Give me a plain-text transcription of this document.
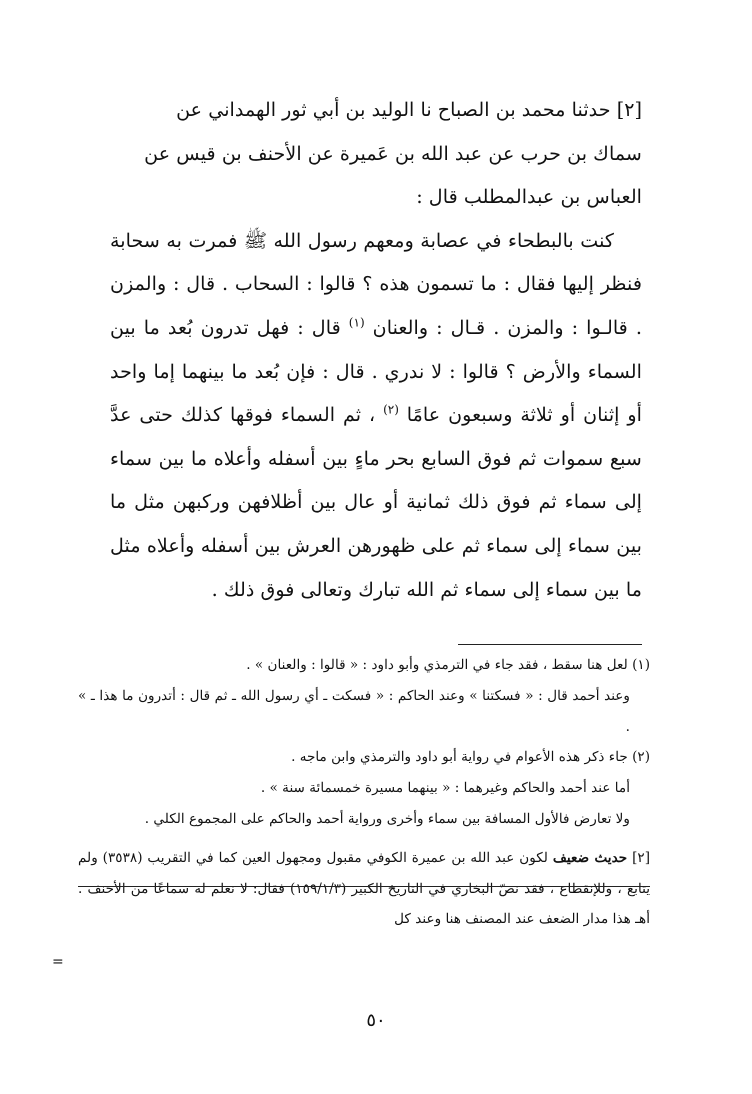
[٢] حدثنا محمد بن الصباح نا الوليد بن أبي ثور الهمداني عن

سماك بن حرب عن عبد الله بن عَميرة عن الأحنف بن قيس عن

العباس بن عبدالمطلب قال :

كنت بالبطحاء في عصابة ومعهم رسول الله ﷺ فمرت به سحابة فنظر إليها فقال : ما تسمون هذه ؟ قالوا : السحاب . قال : والمزن . قالـوا : والمزن . قـال : والعنان $^{(١)}$ قال : فهل تدرون بُعد ما بين السماء والأرض ؟ قالوا : لا ندري . قال : فإن بُعد ما بينهما إما واحد أو إثنان أو ثلاثة وسبعون عامًا $^{(٢)}$ ، ثم السماء فوقها كذلك حتى عدَّ سبع سموات ثم فوق السابع بحر ماءٍ بين أسفله وأعلاه ما بين سماء إلى سماء ثم فوق ذلك ثمانية أو عال بين أظلافهن وركبهن مثل ما بين سماء إلى سماء ثم على ظهورهن العرش بين أسفله وأعلاه مثل ما بين سماء إلى سماء ثم الله تبارك وتعالى فوق ذلك .

(١) لعل هنا سقط ، فقد جاء في الترمذي وأبو داود : « قالوا : والعنان » .

وعند أحمد قال : « فسكتنا » وعند الحاكم : « فسكت ـ أي رسول الله ـ ثم قال : أتدرون ما هذا ـ » .

(٢) جاء ذكر هذه الأعوام في رواية أبو داود والترمذي وابن ماجه .

أما عند أحمد والحاكم وغيرهما : « بينهما مسيرة خمسمائة سنة » .

ولا تعارض فالأول المسافة بين سماء وأخرى ورواية أحمد والحاكم على المجموع الكلي .

[٢] حديث ضعيف لكون عبد الله بن عميرة الكوفي مقبول ومجهول العين كما في التقريب (٣٥٣٨) ولم يتابع ، وللإنقطاع ، فقد نصّ البخاري في التاريخ الكبير (١٥٩/١/٣) فقال: لا نعلم له سماعًا من الأحنف . أهـ هذا مدار الضعف عند المصنف هنا وعند كل

=
٥٠
